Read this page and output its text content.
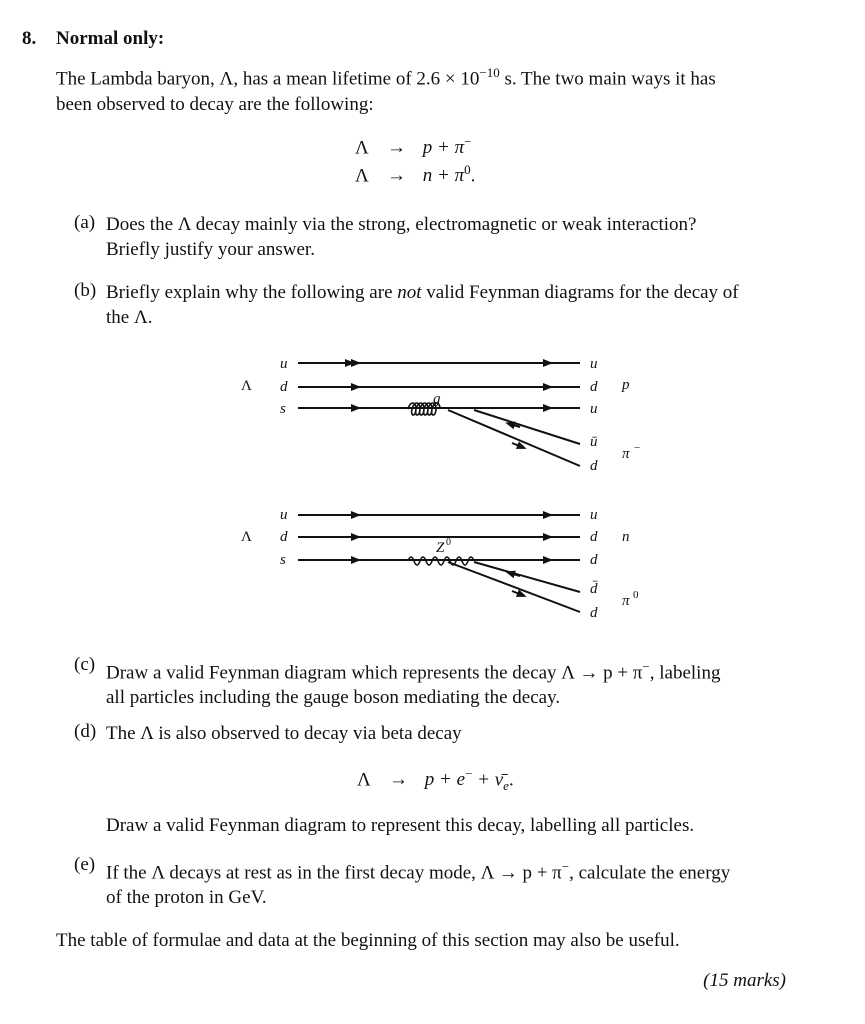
8. Normal only:
The Lambda baryon, Λ, has a mean lifetime of $2.6 \times 10^{-10}$ s. The two main ways it has
been observed to decay are the following:
Λ → p + π−
$\Lambda \to n + \pi^0$.
(a) Does the Λ decay mainly via the strong, electromagnetic or weak interaction?
Briefly justify your answer.
(b) Briefly explain why the following are not valid Feynman diagrams for the decay of
the Λ.
Λ
u
d
s
g
u
d
u
ū
d
p
π −
Λ
u
d
s
Z 0
u
d
d
d̄
d
n
π 0
(c) Draw a valid Feynman diagram which represents the decay Λ → p + π−, labeling
all particles including the gauge boson mediating the decay.
(d) The Λ is also observed to decay via beta decay
$\Lambda \to p + e^- + \nū_e$.
Draw a valid Feynman diagram to represent this decay, labelling all particles.
(e) If the Λ decays at rest as in the first decay mode, Λ → p + π−, calculate the energy
of the proton in GeV.
The table of formulae and data at the beginning of this section may also be useful.
(15 marks)
